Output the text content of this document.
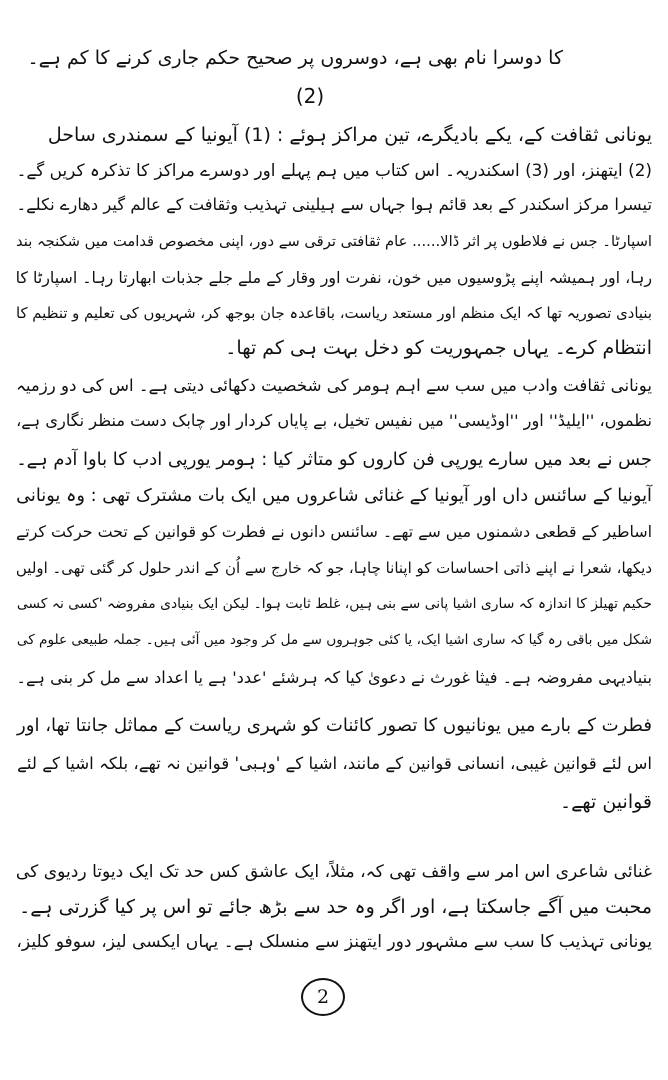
کا دوسرا نام بھی ہے، دوسروں پر صحیح حکم جاری کرنے کا کم ہے۔
(2)
یونانی ثقافت کے، یکے بادیگرے، تین مراکز ہوئے : (1) آیونیا کے سمندری ساحل
(2) ایتھنز، اور (3) اسکندریہ۔ اس کتاب میں ہم پہلے اور دوسرے مراکز کا تذکرہ کریں گے۔
تیسرا مرکز اسکندر کے بعد قائم ہوا جہاں سے ہیلینی تہذیب وثقافت کے عالم گیر دھارے نکلے۔
اسپارٹا۔ جس نے فلاطوں پر اثر ڈالا...... عام ثقافتی ترقی سے دور، اپنی مخصوص قدامت میں شکنجہ بند
رہا، اور ہمیشہ اپنے پڑوسیوں میں خون، نفرت اور وقار کے ملے جلے جذبات ابھارتا رہا۔ اسپارٹا کا
بنیادی تصوریہ تھا کہ ایک منظم اور مستعد ریاست، باقاعدہ جان بوجھ کر، شہریوں کی تعلیم و تنظیم کا
انتظام کرے۔ یہاں جمہوریت کو دخل بہت ہی کم تھا۔
یونانی ثقافت وادب میں سب سے اہم ہومر کی شخصیت دکھائی دیتی ہے۔ اس کی دو رزمیہ
نظموں، ''ایلیڈ'' اور ''اوڈیسی'' میں نفیس تخیل، بے پایاں کردار اور چابک دست منظر نگاری ہے،
جس نے بعد میں سارے یورپی فن کاروں کو متاثر کیا : ہومر یورپی ادب کا باوا آدم ہے۔
آیونیا کے سائنس داں اور آیونیا کے غنائی شاعروں میں ایک بات مشترک تھی : وہ یونانی
اساطیر کے قطعی دشمنوں میں سے تھے۔ سائنس دانوں نے فطرت کو قوانین کے تحت حرکت کرتے
دیکھا، شعرا نے اپنے ذاتی احساسات کو اپنانا چاہا، جو کہ خارج سے اُن کے اندر حلول کر گئی تھی۔ اولیں
حکیم تھیلز کا اندازہ کہ ساری اشیا پانی سے بنی ہیں، غلط ثابت ہوا۔ لیکن ایک بنیادی مفروضہ 'کسی نہ کسی
شکل میں باقی رہ گیا کہ ساری اشیا ایک، یا کئی جوہروں سے مل کر وجود میں آئی ہیں۔ جملہ طبیعی علوم کی
بنیادیہی مفروضہ ہے۔ فیثا غورث نے دعویٰ کیا کہ ہرشئے 'عدد' ہے یا اعداد سے مل کر بنی ہے۔
فطرت کے بارے میں یونانیوں کا تصور کائنات کو شہری ریاست کے مماثل جانتا تھا، اور
اس لئے قوانین غیبی، انسانی قوانین کے مانند، اشیا کے 'وہبی' قوانین نہ تھے، بلکہ اشیا کے لئے
قوانین تھے۔
غنائی شاعری اس امر سے واقف تھی کہ، مثلاً، ایک عاشق کس حد تک ایک دیوتا ردیوی کی
محبت میں آگے جاسکتا ہے، اور اگر وہ حد سے بڑھ جائے تو اس پر کیا گزرتی ہے۔
یونانی تہذیب کا سب سے مشہور دور ایتھنز سے منسلک ہے۔ یہاں ایکسی لیز، سوفو کلیز،
2
